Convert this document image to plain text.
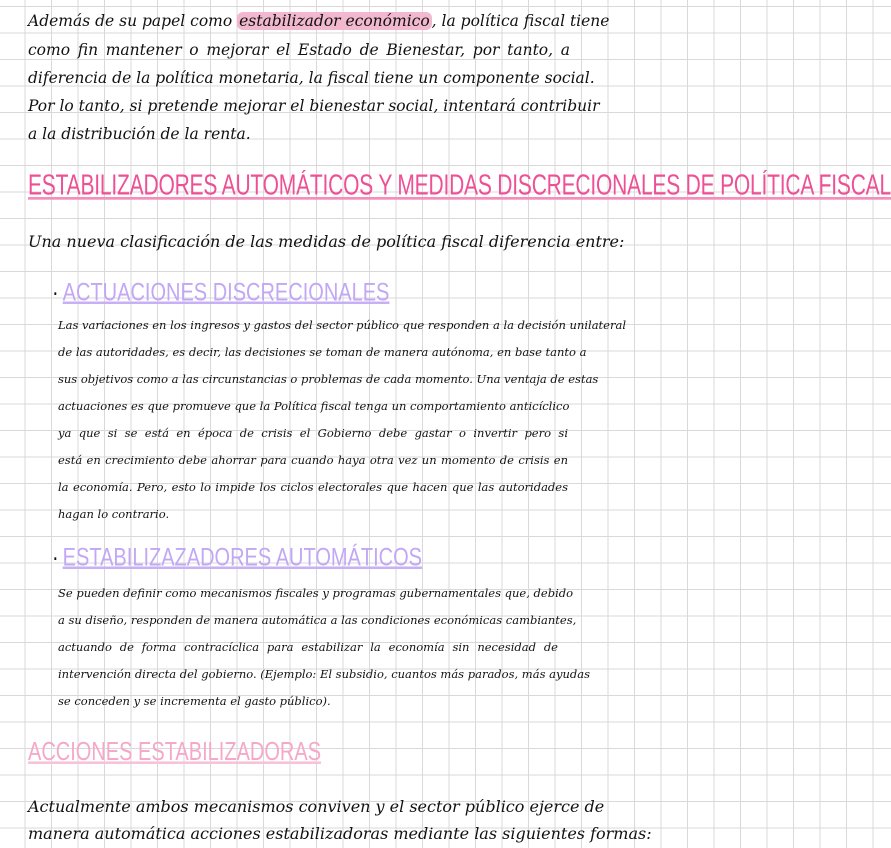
Además de su papel como estabilizador económico , la política fiscal tiene
como fin mantener o mejorar el Estado de Bienestar, por tanto, a
diferencia de la política monetaria, la fiscal tiene un componente social.
Por lo tanto, si pretende mejorar el bienestar social, intentará contribuir
a la distribución de la renta.
ESTABILIZADORES AUTOMÁTICOS Y MEDIDAS DISCRECIONALES DE POLÍTICA FISCAL
Una nueva clasificación de las medidas de política fiscal diferencia entre:
· ACTUACIONES DISCRECIONALES
Las variaciones en los ingresos y gastos del sector público que responden a la decisión unilateral
de las autoridades, es decir, las decisiones se toman de manera autónoma, en base tanto a
sus objetivos como a las circunstancias o problemas de cada momento. Una ventaja de estas
actuaciones es que promueve que la Política fiscal tenga un comportamiento anticíclico
ya que si se está en época de crisis el Gobierno debe gastar o invertir pero si
está en crecimiento debe ahorrar para cuando haya otra vez un momento de crisis en
la economía. Pero, esto lo impide los ciclos electorales que hacen que las autoridades
hagan lo contrario.
· ESTABILIZAZADORES AUTOMÁTICOS
Se pueden definir como mecanismos fiscales y programas gubernamentales que, debido
a su diseño, responden de manera automática a las condiciones económicas cambiantes,
actuando de forma contracíclica para estabilizar la economía sin necesidad de
intervención directa del gobierno. (Ejemplo: El subsidio, cuantos más parados, más ayudas
se conceden y se incrementa el gasto público).
ACCIONES ESTABILIZADORAS
Actualmente ambos mecanismos conviven y el sector público ejerce de
manera automática acciones estabilizadoras mediante las siguientes formas:
